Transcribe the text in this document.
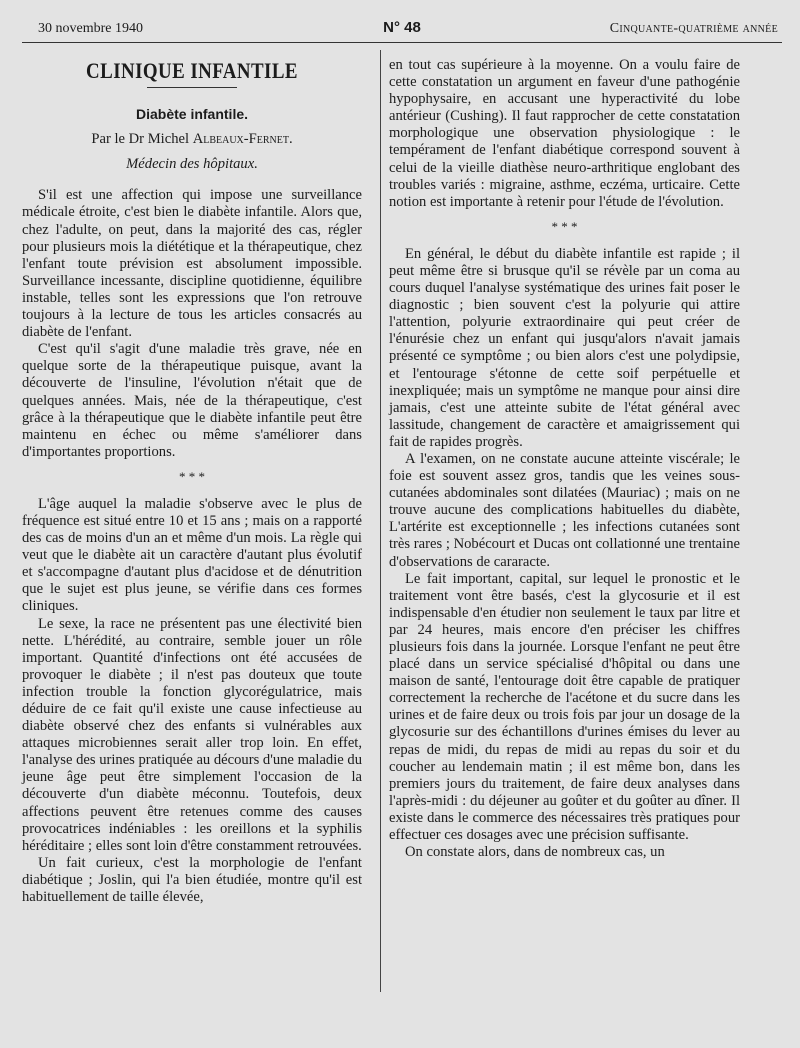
30 novembre 1940	N° 48	Cinquante-quatrième année
CLINIQUE INFANTILE
Diabète infantile.
Par le Dr Michel Albeaux-Fernet.
Médecin des hôpitaux.

S'il est une affection qui impose une surveillance médicale étroite, c'est bien le diabète infantile. Alors que, chez l'adulte, on peut, dans la majorité des cas, régler pour plusieurs mois la diététique et la thérapeutique, chez l'enfant toute prévision est absolument impossible. Surveillance incessante, discipline quotidienne, équilibre instable, telles sont les expressions que l'on retrouve toujours à la lecture de tous les articles consacrés au diabète de l'enfant.

C'est qu'il s'agit d'une maladie très grave, née en quelque sorte de la thérapeutique puisque, avant la découverte de l'insuline, l'évolution n'était que de quelques années. Mais, née de la thérapeutique, c'est grâce à la thérapeutique que le diabète infantile peut être maintenu en échec ou même s'améliorer dans d'importantes proportions.

* * *

L'âge auquel la maladie s'observe avec le plus de fréquence est situé entre 10 et 15 ans ; mais on a rapporté des cas de moins d'un an et même d'un mois. La règle qui veut que le diabète ait un caractère d'autant plus évolutif et s'accompagne d'autant plus d'acidose et de dénutrition que le sujet est plus jeune, se vérifie dans ces formes cliniques.

Le sexe, la race ne présentent pas une électivité bien nette. L'hérédité, au contraire, semble jouer un rôle important. Quantité d'infections ont été accusées de provoquer le diabète ; il n'est pas douteux que toute infection trouble la fonction glycorégulatrice, mais déduire de ce fait qu'il existe une cause infectieuse au diabète observé chez des enfants si vulnérables aux attaques microbiennes serait aller trop loin. En effet, l'analyse des urines pratiquée au décours d'une maladie du jeune âge peut être simplement l'occasion de la découverte d'un diabète méconnu. Toutefois, deux affections peuvent être retenues comme des causes provocatrices indéniables : les oreillons et la syphilis héréditaire ; elles sont loin d'être constamment retrouvées.

Un fait curieux, c'est la morphologie de l'enfant diabétique ; Joslin, qui l'a bien étudiée, montre qu'il est habituellement de taille élevée,

en tout cas supérieure à la moyenne. On a voulu faire de cette constatation un argument en faveur d'une pathogénie hypophysaire, en accusant une hyperactivité du lobe antérieur (Cushing). Il faut rapprocher de cette constatation morphologique une observation physiologique : le tempérament de l'enfant diabétique correspond souvent à celui de la vieille diathèse neuro-arthritique englobant des troubles variés : migraine, asthme, eczéma, urticaire. Cette notion est importante à retenir pour l'étude de l'évolution.

* * *

En général, le début du diabète infantile est rapide ; il peut même être si brusque qu'il se révèle par un coma au cours duquel l'analyse systématique des urines fait poser le diagnostic ; bien souvent c'est la polyurie qui attire l'attention, polyurie extraordinaire qui peut créer de l'énurésie chez un enfant qui jusqu'alors n'avait jamais présenté ce symptôme ; ou bien alors c'est une polydipsie, et l'entourage s'étonne de cette soif perpétuelle et inexpliquée; mais un symptôme ne manque pour ainsi dire jamais, c'est une atteinte subite de l'état général avec lassitude, changement de caractère et amaigrissement qui fait de rapides progrès.

A l'examen, on ne constate aucune atteinte viscérale; le foie est souvent assez gros, tandis que les veines sous-cutanées abdominales sont dilatées (Mauriac) ; mais on ne trouve aucune des complications habituelles du diabète, L'artérite est exceptionnelle ; les infections cutanées sont très rares ; Nobécourt et Ducas ont collationné une trentaine d'observations de cararacte.

Le fait important, capital, sur lequel le pronostic et le traitement vont être basés, c'est la glycosurie et il est indispensable d'en étudier non seulement le taux par litre et par 24 heures, mais encore d'en préciser les chiffres plusieurs fois dans la journée. Lorsque l'enfant ne peut être placé dans un service spécialisé d'hôpital ou dans une maison de santé, l'entourage doit être capable de pratiquer correctement la recherche de l'acétone et du sucre dans les urines et de faire deux ou trois fois par jour un dosage de la glycosurie sur des échantillons d'urines émises du lever au repas de midi, du repas de midi au repas du soir et du coucher au lendemain matin ; il est même bon, dans les premiers jours du traitement, de faire deux analyses dans l'après-midi : du déjeuner au goûter et du goûter au dîner. Il existe dans le commerce des nécessaires très pratiques pour effectuer ces dosages avec une précision suffisante.

On constate alors, dans de nombreux cas, un
